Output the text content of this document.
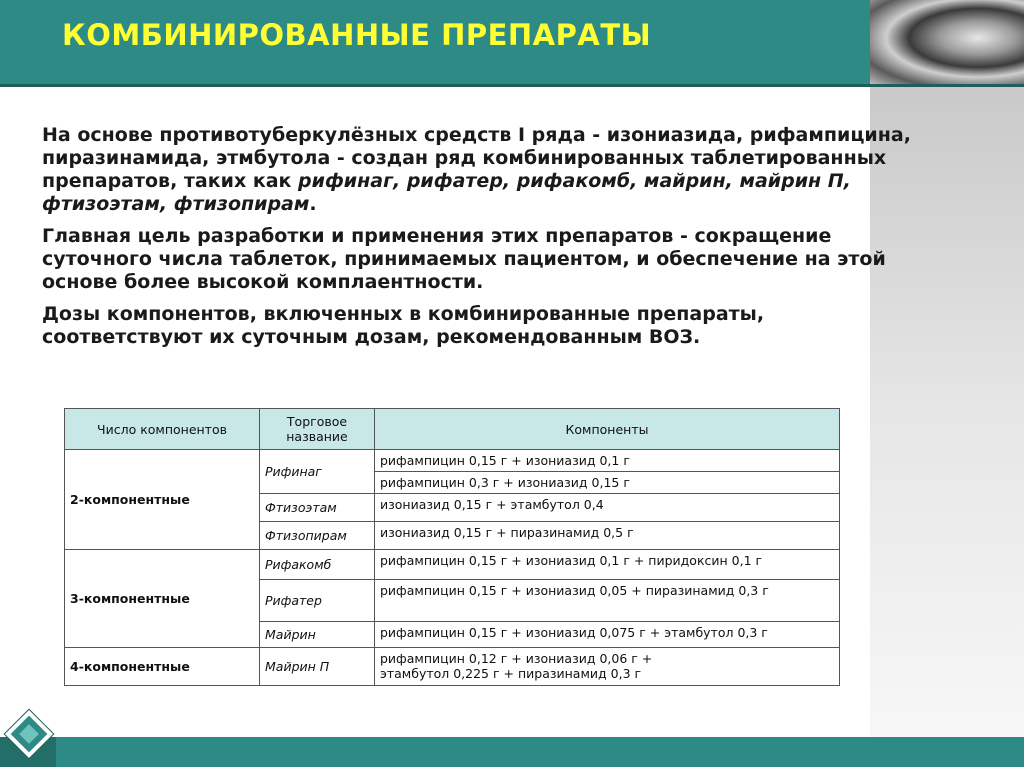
КОМБИНИРОВАННЫЕ ПРЕПАРАТЫ

На основе противотуберкулёзных средств I ряда - изониазида, рифампицина, пиразинамида, этмбутола - создан ряд комбинированных таблетированных препаратов, таких как рифинаг, рифатер, рифакомб, майрин, майрин П, фтизоэтам, фтизопирам.

Главная цель разработки и применения этих препаратов - сокращение суточного числа таблеток, принимаемых пациентом, и обеспечение на этой основе более высокой комплаентности.

Дозы компонентов, включенных в комбинированные препараты, соответствуют их суточным дозам, рекомендованным ВОЗ.

Число компонентов	Торговое название	Компоненты
2-компонентные	Рифинаг	рифампицин 0,15 г + изониазид 0,1 г
		рифампицин 0,3 г + изониазид 0,15 г
	Фтизоэтам	изониазид 0,15 г + этамбутол 0,4
	Фтизопирам	изониазид 0,15 г + пиразинамид 0,5 г
3-компонентные	Рифакомб	рифампицин 0,15 г + изониазид 0,1 г + пиридоксин 0,1 г
	Рифатер	рифампицин 0,15 г + изониазид 0,05 + пиразинамид 0,3 г
	Майрин	рифампицин 0,15 г + изониазид 0,075 г + этамбутол 0,3 г
4-компонентные	Майрин П	рифампицин 0,12 г + изониазид 0,06 г +
этамбутол 0,225 г + пиразинамид 0,3 г
